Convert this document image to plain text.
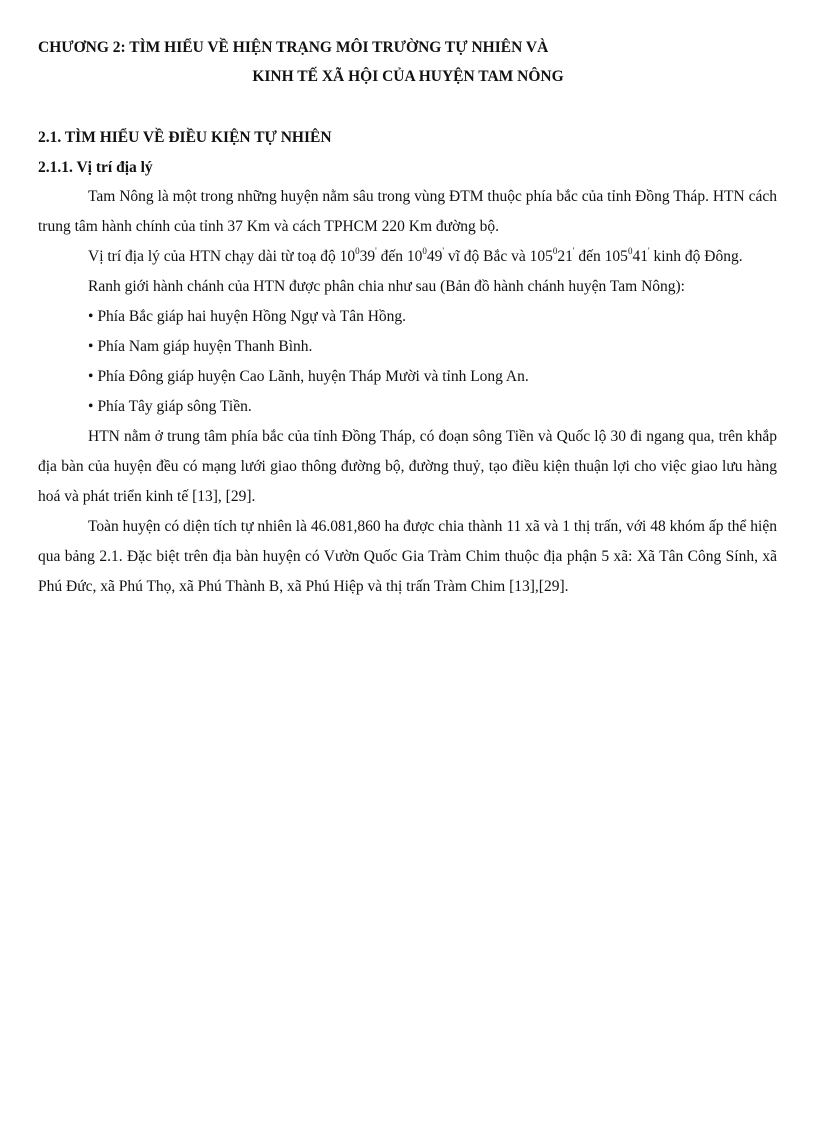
CHƯƠNG 2: TÌM HIỂU VỀ HIỆN TRẠNG MÔI TRƯỜNG TỰ NHIÊN VÀ
KINH TẾ XÃ HỘI CỦA HUYỆN TAM NÔNG
2.1. TÌM HIỂU VỀ ĐIỀU KIỆN TỰ NHIÊN
2.1.1. Vị trí địa lý

Tam Nông là một trong những huyện nằm sâu trong vùng ĐTM thuộc phía bắc của tỉnh Đồng Tháp. HTN cách trung tâm hành chính của tỉnh 37 Km và cách TPHCM 220 Km đường bộ.

Vị trí địa lý của HTN chạy dài từ toạ độ $10^039'$ đến $10^049'$ vĩ độ Bắc và $105^021'$ đến $105^041'$ kinh độ Đông.

Ranh giới hành chánh của HTN được phân chia như sau (Bản đồ hành chánh huyện Tam Nông):

• Phía Bắc giáp hai huyện Hồng Ngự và Tân Hồng.
• Phía Nam giáp huyện Thanh Bình.
• Phía Đông giáp huyện Cao Lãnh, huyện Tháp Mười và tỉnh Long An.
• Phía Tây giáp sông Tiền.

HTN nằm ở trung tâm phía bắc của tỉnh Đồng Tháp, có đoạn sông Tiền và Quốc lộ 30 đi ngang qua, trên khắp địa bàn của huyện đều có mạng lưới giao thông đường bộ, đường thuỷ, tạo điều kiện thuận lợi cho việc giao lưu hàng hoá và phát triển kinh tế [13], [29].

Toàn huyện có diện tích tự nhiên là 46.081,860 ha được chia thành 11 xã và 1 thị trấn, với 48 khóm ấp thể hiện qua bảng 2.1. Đặc biệt trên địa bàn huyện có Vườn Quốc Gia Tràm Chim thuộc địa phận 5 xã: Xã Tân Công Sính, xã Phú Đức, xã Phú Thọ, xã Phú Thành B, xã Phú Hiệp và thị trấn Tràm Chim [13],[29].
